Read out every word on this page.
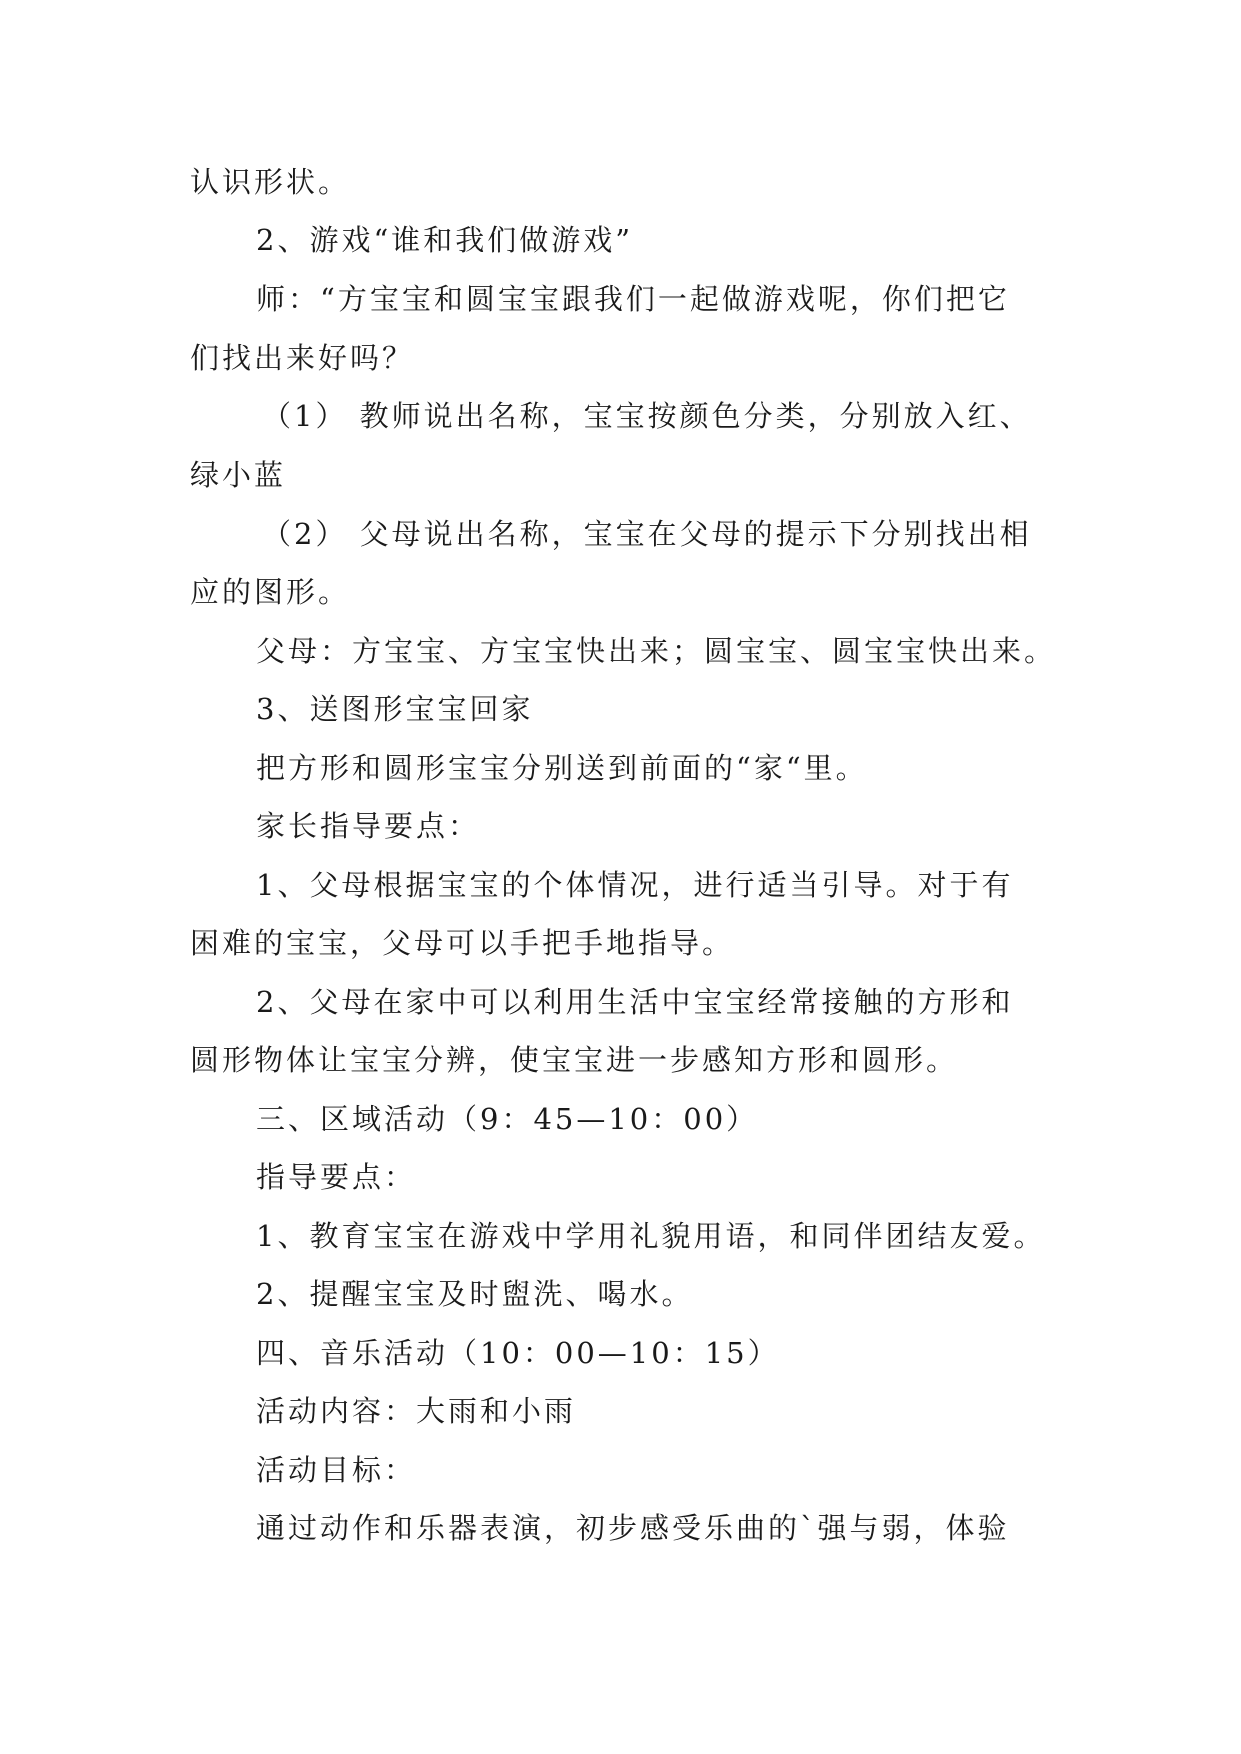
认识形状。
2、游戏“谁和我们做游戏”
师：“方宝宝和圆宝宝跟我们一起做游戏呢，你们把它
们找出来好吗？
（1） 教师说出名称，宝宝按颜色分类，分别放入红、
绿小蓝
（2） 父母说出名称，宝宝在父母的提示下分别找出相
应的图形。
父母：方宝宝、方宝宝快出来；圆宝宝、圆宝宝快出来。
3、送图形宝宝回家
把方形和圆形宝宝分别送到前面的“家“里。
家长指导要点：
1、父母根据宝宝的个体情况，进行适当引导。对于有
困难的宝宝，父母可以手把手地指导。
2、父母在家中可以利用生活中宝宝经常接触的方形和
圆形物体让宝宝分辨，使宝宝进一步感知方形和圆形。
三、区域活动（9：45—10：00）
指导要点：
1、教育宝宝在游戏中学用礼貌用语，和同伴团结友爱。
2、提醒宝宝及时盥洗、喝水。
四、音乐活动（10：00—10：15）
活动内容：大雨和小雨
活动目标：
通过动作和乐器表演，初步感受乐曲的`强与弱，体验
